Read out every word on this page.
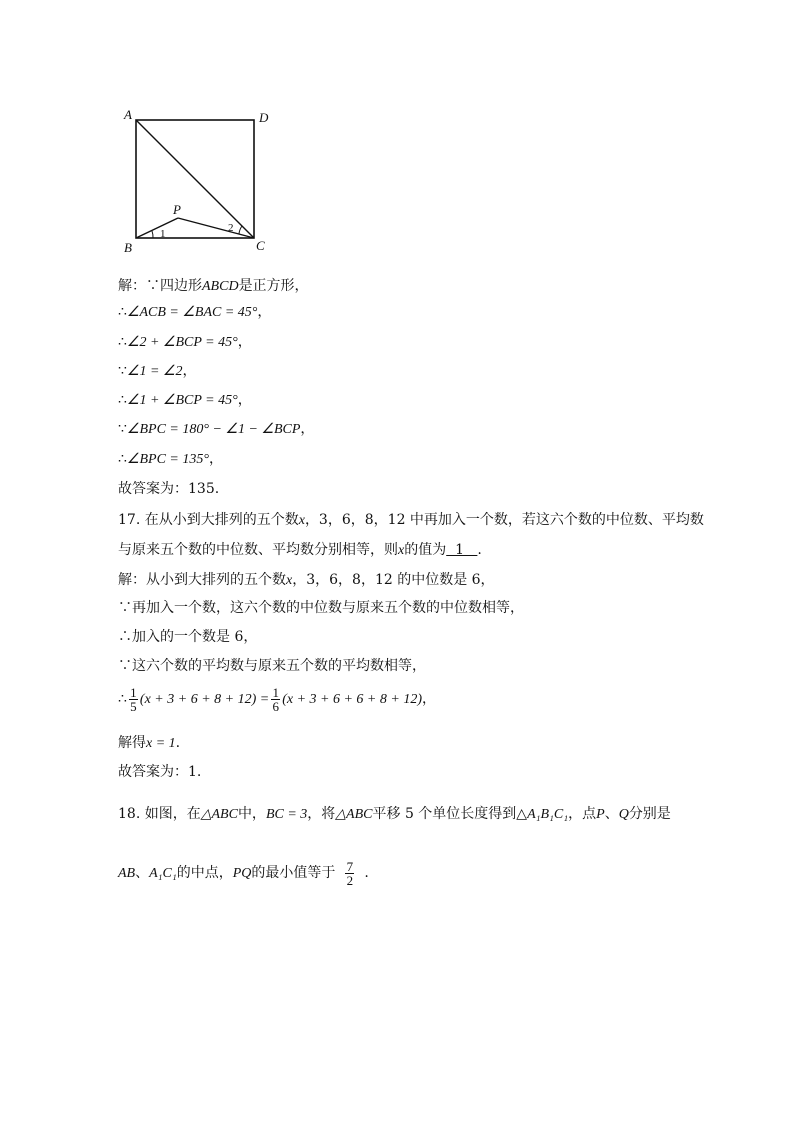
A	D
P
B	C
1	2
解：∵四边形ABCD是正方形，
∴∠ACB = ∠BAC = 45°，
∴∠2 + ∠BCP = 45°，
∵∠1 = ∠2，
∴∠1 + ∠BCP = 45°，
∵∠BPC = 180° − ∠1 − ∠BCP，
∴∠BPC = 135°，
故答案为：135.
17. 在从小到大排列的五个数x，3，6，8，12 中再加入一个数，若这六个数的中位数、平均数
与原来五个数的中位数、平均数分别相等，则x的值为  1   .
解：从小到大排列的五个数x，3，6，8，12 的中位数是 6，
∵再加入一个数，这六个数的中位数与原来五个数的中位数相等，
∴加入的一个数是 6，
∵这六个数的平均数与原来五个数的平均数相等，
∴ $\frac{1}{5} (x + 3 + 6 + 8 + 12) = \frac{1}{6} (x + 3 + 6 + 6 + 8 + 12)$，
解得x = 1.
故答案为：1.
18. 如图，在△ABC中，BC = 3，将△ABC平移 5 个单位长度得到△A₁B₁C₁，点P、Q分别是
AB、A₁C₁的中点，PQ的最小值等于 $\frac{7}{2}$ .
